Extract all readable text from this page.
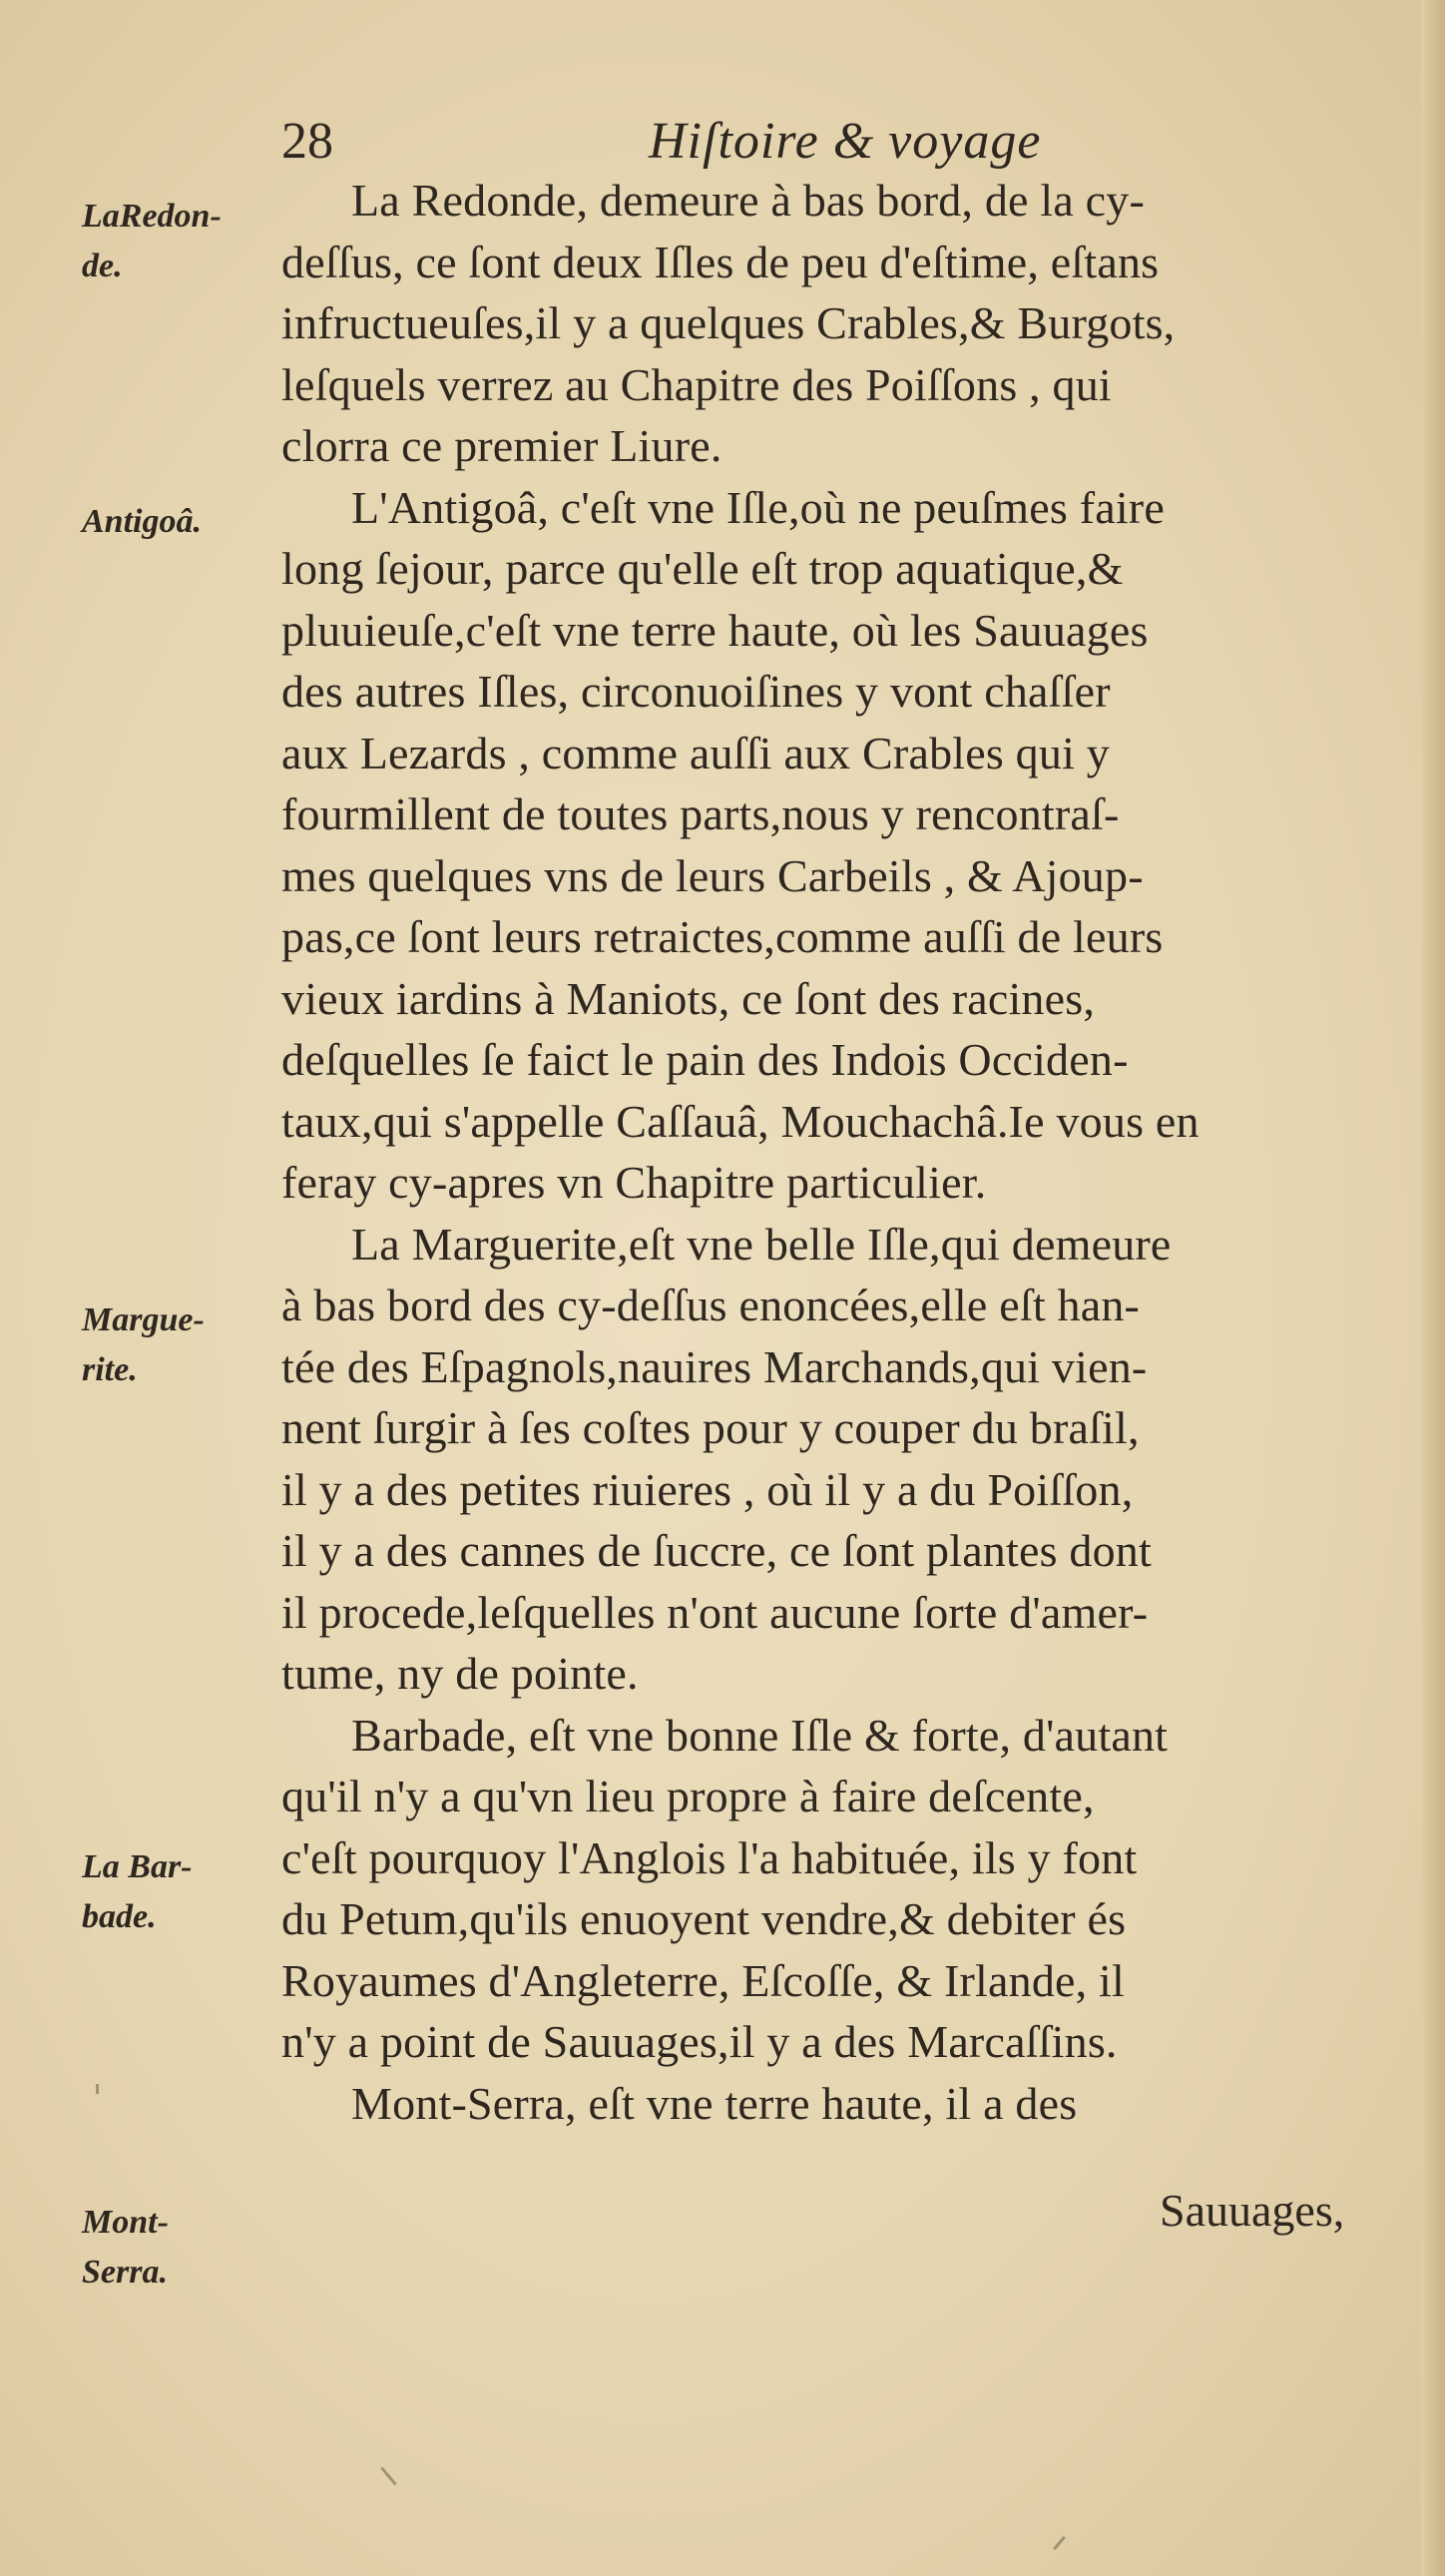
28	Hiſtoire & voyage
LaRedon-
de.
Antigoâ.
Margue-
rite.
La Bar-
bade.
Mont-
Serra.
La Redonde, demeure à bas bord, de la cy-
deſſus, ce ſont deux Iſles de peu d'eſtime, eſtans
infructueuſes,il y a quelques Crables,& Burgots,
leſquels verrez au Chapitre des Poiſſons , qui
clorra ce premier Liure.
L'Antigoâ, c'eſt vne Iſle,où ne peuſmes faire
long ſejour, parce qu'elle eſt trop aquatique,&
pluuieuſe,c'eſt vne terre haute, où les Sauuages
des autres Iſles, circonuoiſines y vont chaſſer
aux Lezards , comme auſſi aux Crables qui y
fourmillent de toutes parts,nous y rencontraſ-
mes quelques vns de leurs Carbeils , & Ajoup-
pas,ce ſont leurs retraictes,comme auſſi de leurs
vieux iardins à Maniots, ce ſont des racines,
deſquelles ſe faict le pain des Indois Occiden-
taux,qui s'appelle Caſſauâ, Mouchachâ.Ie vous en
feray cy-apres vn Chapitre particulier.
La Marguerite,eſt vne belle Iſle,qui demeure
à bas bord des cy-deſſus enoncées,elle eſt han-
tée des Eſpagnols,nauires Marchands,qui vien-
nent ſurgir à ſes coſtes pour y couper du braſil,
il y a des petites riuieres , où il y a du Poiſſon,
il y a des cannes de ſuccre, ce ſont plantes dont
il procede,leſquelles n'ont aucune ſorte d'amer-
tume, ny de pointe.
Barbade, eſt vne bonne Iſle & forte, d'autant
qu'il n'y a qu'vn lieu propre à faire deſcente,
c'eſt pourquoy l'Anglois l'a habituée, ils y font
du Petum,qu'ils enuoyent vendre,& debiter és
Royaumes d'Angleterre, Eſcoſſe, & Irlande, il
n'y a point de Sauuages,il y a des Marcaſſins.
Mont-Serra, eſt vne terre haute, il a des
Sauuages,
